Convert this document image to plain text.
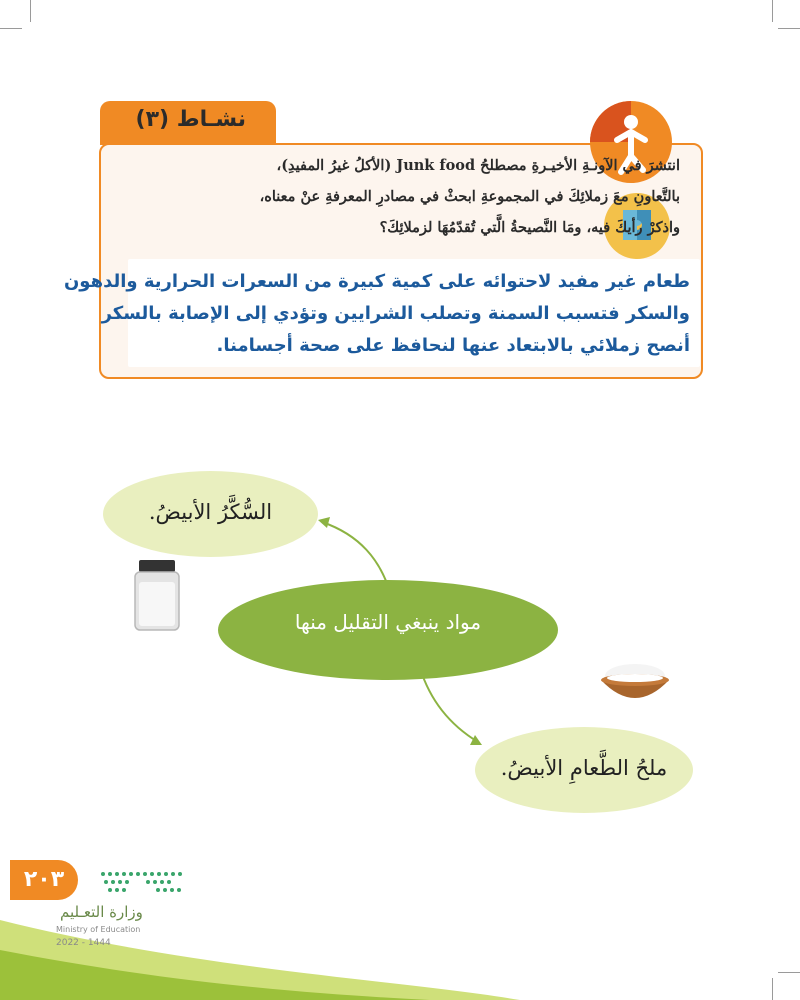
نشـاط (٣)
انتشرَ في الآونـةِ الأخيـرةِ مصطلحُ Junk food (الأكلُ غيرُ المفيدِ)،
بالتَّعاونِ معَ زملائِكَ في المجموعةِ ابحثْ في مصادرِ المعرفةِ عنْ معناه،
واذكرْ رأيكَ فيه، ومَا النَّصيحةُ الَّتي تُقدّمُهَا لزملائِكَ؟
طعام غير مفيد لاحتوائه على كمية كبيرة من السعرات الحرارية والدهون
والسكر فتسبب السمنة وتصلب الشرايين وتؤدي إلى الإصابة بالسكر
أنصح زملائي بالابتعاد عنها لنحافظ على صحة أجسامنا.
السُّكَّرُ الأبيضُ.
مواد ينبغي التقليل منها
ملحُ الطَّعامِ الأبيضُ.
٢٠٣
وزارة التعـليم
Ministry of Education
2022 - 1444
